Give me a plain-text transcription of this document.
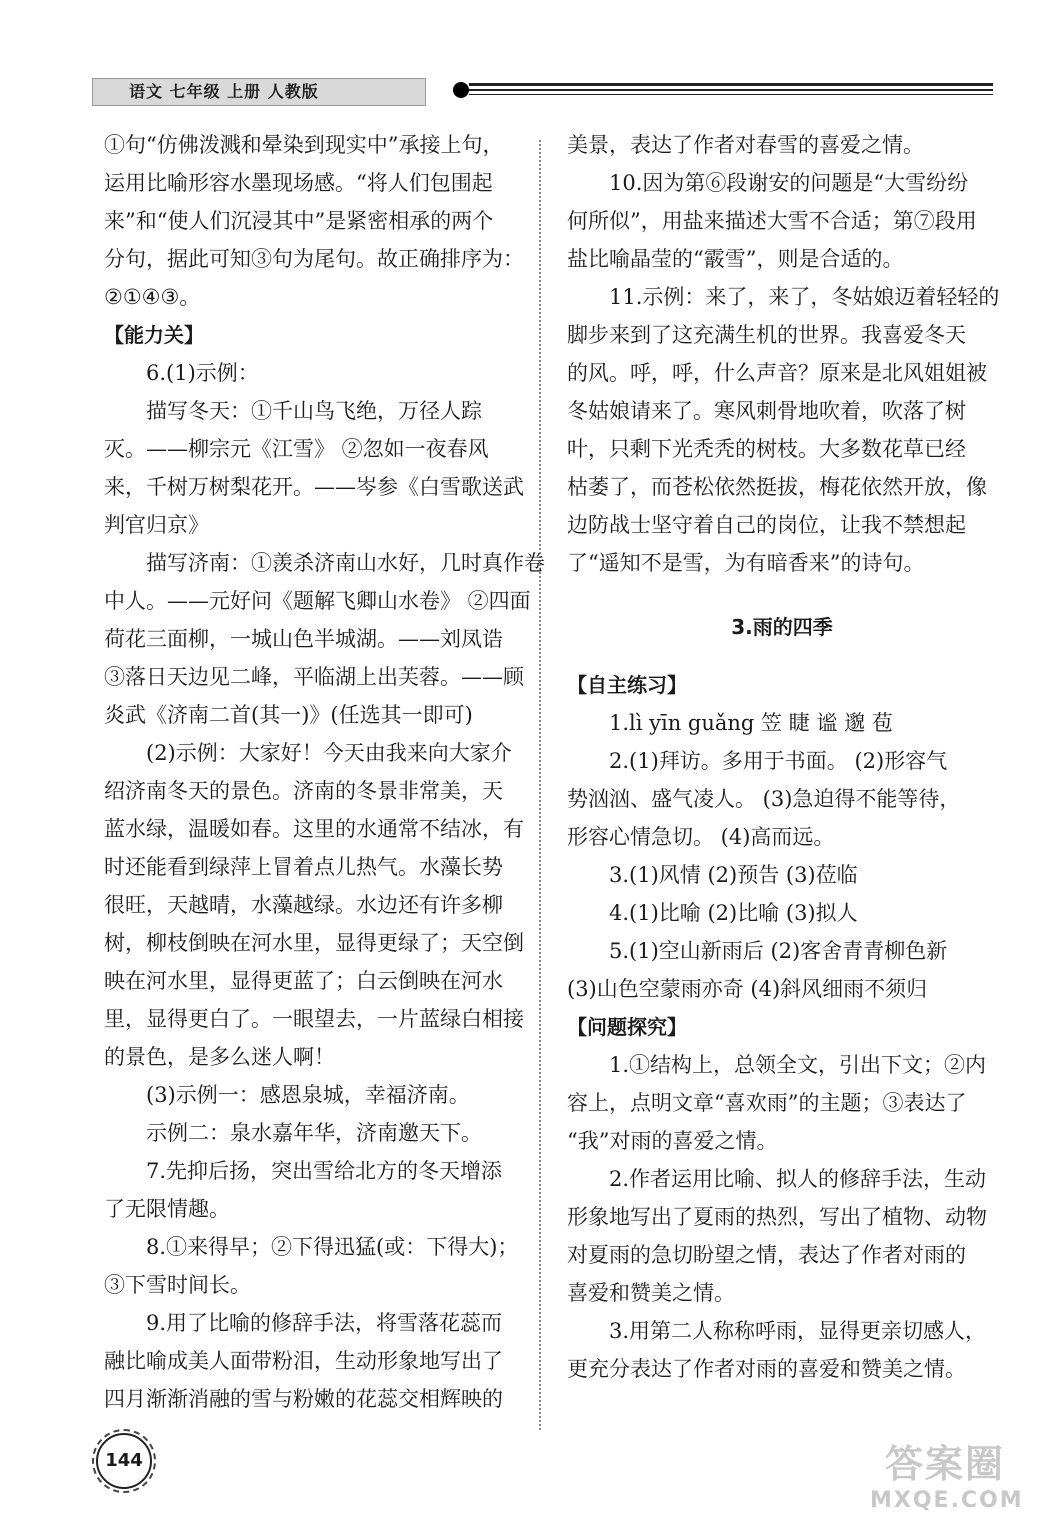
语文 七年级 上册 人教版
①句“仿佛泼溅和晕染到现实中”承接上句，
运用比喻形容水墨现场感。“将人们包围起
来”和“使人们沉浸其中”是紧密相承的两个
分句，据此可知③句为尾句。故正确排序为：
②①④③。
【能力关】
6.(1)示例：
描写冬天：①千山鸟飞绝，万径人踪
灭。——柳宗元《江雪》 ②忽如一夜春风
来，千树万树梨花开。——岑参《白雪歌送武
判官归京》
描写济南：①羡杀济南山水好，几时真作卷
中人。——元好问《题解飞卿山水卷》 ②四面
荷花三面柳，一城山色半城湖。——刘凤诰
③落日天边见二峰，平临湖上出芙蓉。——顾
炎武《济南二首(其一)》(任选其一即可)
(2)示例：大家好！今天由我来向大家介
绍济南冬天的景色。济南的冬景非常美，天
蓝水绿，温暖如春。这里的水通常不结冰，有
时还能看到绿萍上冒着点儿热气。水藻长势
很旺，天越晴，水藻越绿。水边还有许多柳
树，柳枝倒映在河水里，显得更绿了；天空倒
映在河水里，显得更蓝了；白云倒映在河水
里，显得更白了。一眼望去，一片蓝绿白相接
的景色，是多么迷人啊！
(3)示例一：感恩泉城，幸福济南。
示例二：泉水嘉年华，济南邀天下。
7.先抑后扬，突出雪给北方的冬天增添
了无限情趣。
8.①来得早；②下得迅猛(或：下得大)；
③下雪时间长。
9.用了比喻的修辞手法，将雪落花蕊而
融比喻成美人面带粉泪，生动形象地写出了
四月渐渐消融的雪与粉嫩的花蕊交相辉映的
美景，表达了作者对春雪的喜爱之情。
10.因为第⑥段谢安的问题是“大雪纷纷
何所似”，用盐来描述大雪不合适；第⑦段用
盐比喻晶莹的“霰雪”，则是合适的。
11.示例：来了，来了，冬姑娘迈着轻轻的
脚步来到了这充满生机的世界。我喜爱冬天
的风。呼，呼，什么声音？原来是北风姐姐被
冬姑娘请来了。寒风刺骨地吹着，吹落了树
叶，只剩下光秃秃的树枝。大多数花草已经
枯萎了，而苍松依然挺拔，梅花依然开放，像
边防战士坚守着自己的岗位，让我不禁想起
了“遥知不是雪，为有暗香来”的诗句。
3.雨的四季
【自主练习】
1.lì yīn guǎng 笠 睫 谧 邈 苞
2.(1)拜访。多用于书面。 (2)形容气
势汹汹、盛气凌人。 (3)急迫得不能等待，
形容心情急切。 (4)高而远。
3.(1)风情 (2)预告 (3)莅临
4.(1)比喻 (2)比喻 (3)拟人
5.(1)空山新雨后 (2)客舍青青柳色新
(3)山色空蒙雨亦奇 (4)斜风细雨不须归
【问题探究】
1.①结构上，总领全文，引出下文；②内
容上，点明文章“喜欢雨”的主题；③表达了
“我”对雨的喜爱之情。
2.作者运用比喻、拟人的修辞手法，生动
形象地写出了夏雨的热烈，写出了植物、动物
对夏雨的急切盼望之情，表达了作者对雨的
喜爱和赞美之情。
3.用第二人称称呼雨，显得更亲切感人，
更充分表达了作者对雨的喜爱和赞美之情。
144	答案圈
MXQE.COM
